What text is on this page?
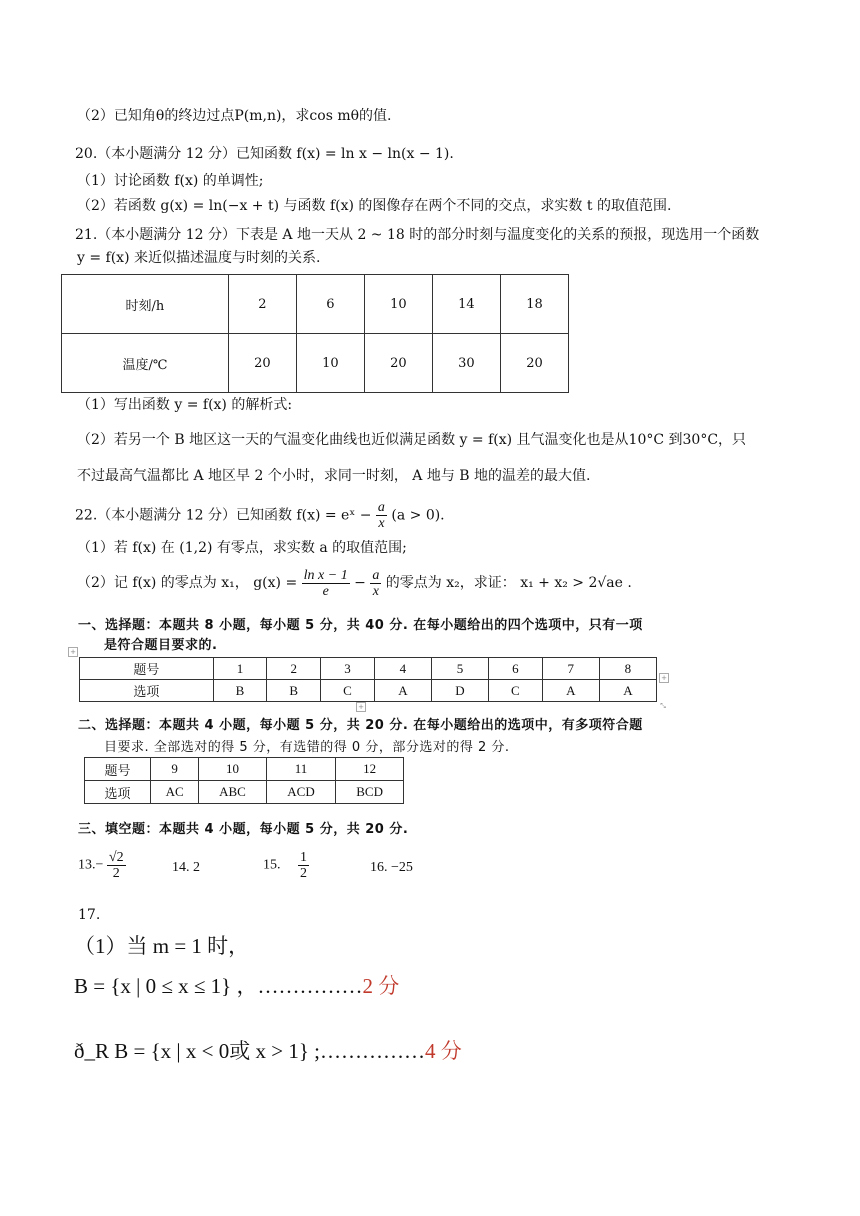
（2）已知角θ的终边过点P(m,n)，求cos mθ的值.
20.（本小题满分 12 分）已知函数 f(x) = ln x − ln(x − 1).
（1）讨论函数 f(x) 的单调性;
（2）若函数 g(x) = ln(−x + t) 与函数 f(x) 的图像存在两个不同的交点，求实数 t 的取值范围.
21.（本小题满分 12 分）下表是 A 地一天从 2 ~ 18 时的部分时刻与温度变化的关系的预报，现选用一个函数
y = f(x) 来近似描述温度与时刻的关系.
时刻/h	2	6	10	14	18
温度/℃	20	10	20	30	20
（1）写出函数 y = f(x) 的解析式:
（2）若另一个 B 地区这一天的气温变化曲线也近似满足函数 y = f(x) 且气温变化也是从10°C 到30°C，只
不过最高气温都比 A 地区早 2 个小时，求同一时刻， A 地与 B 地的温差的最大值.
22.（本小题满分 12 分）已知函数 f(x) = eˣ − $\frac{a}{x} (a > 0)$.
（1）若 f(x) 在 (1,2) 有零点，求实数 a 的取值范围;
（2）记 f(x) 的零点为 x₁， $g(x) = \frac{\text{ln x − 1}}{e} - \frac{a}{x}$ 的零点为 x₂，求证： x₁ + x₂ > 2√ae .
一、选择题：本题共 8 小题，每小题 5 分，共 40 分. 在每小题给出的四个选项中，只有一项
是符合题目要求的.
+
题号	1	2	3	4	5	6	7	8
选项	B	B	C	A	D	C	A	A
+
+	⤡
二、选择题：本题共 4 小题，每小题 5 分，共 20 分. 在每小题给出的选项中，有多项符合题
目要求. 全部选对的得 5 分，有选错的得 0 分，部分选对的得 2 分.
题号	9	10	11	12
选项	AC	ABC	ACD	BCD
三、填空题：本题共 4 小题，每小题 5 分，共 20 分.
$13.- \frac{√2}{2}$	14. 2	15. $\frac{1}{2}$	16. −25
17.
（1）当 m = 1 时，
B = {x | 0 ≤ x ≤ 1} ，……………2 分
ð_R B = {x | x < 0或 x > 1} ;……………4 分
